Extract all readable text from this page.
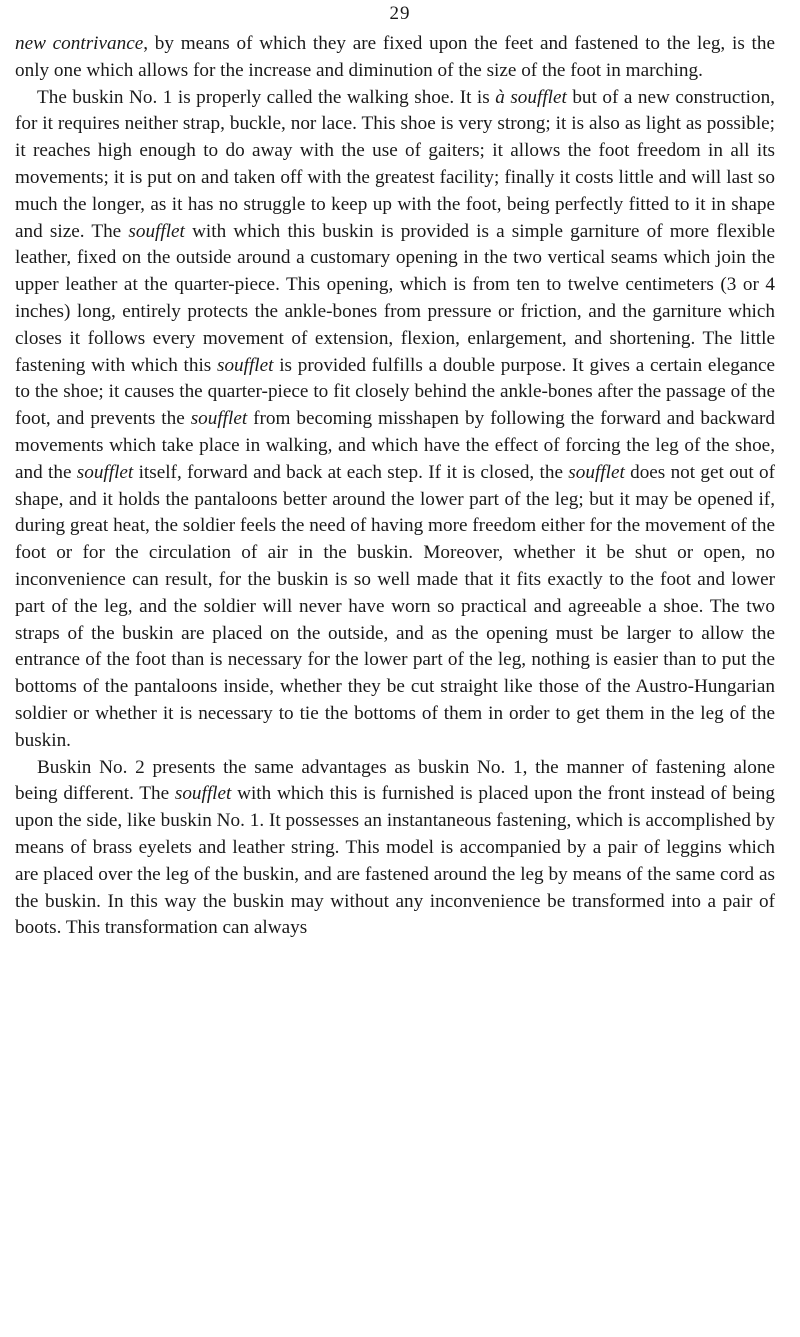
29

new contrivance, by means of which they are fixed upon the feet and fastened to the leg, is the only one which allows for the increase and diminution of the size of the foot in marching.

The buskin No. 1 is properly called the walking shoe. It is à soufflet but of a new construction, for it requires neither strap, buckle, nor lace. This shoe is very strong; it is also as light as possible; it reaches high enough to do away with the use of gaiters; it allows the foot freedom in all its movements; it is put on and taken off with the greatest facility; finally it costs little and will last so much the longer, as it has no struggle to keep up with the foot, being perfectly fitted to it in shape and size. The soufflet with which this buskin is provided is a simple garniture of more flexible leather, fixed on the outside around a customary opening in the two vertical seams which join the upper leather at the quarter-piece. This opening, which is from ten to twelve centimeters (3 or 4 inches) long, entirely protects the ankle-bones from pressure or friction, and the garniture which closes it follows every movement of extension, flexion, enlargement, and shortening. The little fastening with which this soufflet is provided fulfills a double purpose. It gives a certain elegance to the shoe; it causes the quarter-piece to fit closely behind the ankle-bones after the passage of the foot, and prevents the soufflet from becoming misshapen by following the forward and backward movements which take place in walking, and which have the effect of forcing the leg of the shoe, and the soufflet itself, forward and back at each step. If it is closed, the soufflet does not get out of shape, and it holds the pantaloons better around the lower part of the leg; but it may be opened if, during great heat, the soldier feels the need of having more freedom either for the movement of the foot or for the circulation of air in the buskin. Moreover, whether it be shut or open, no inconvenience can result, for the buskin is so well made that it fits exactly to the foot and lower part of the leg, and the soldier will never have worn so practical and agreeable a shoe. The two straps of the buskin are placed on the outside, and as the opening must be larger to allow the entrance of the foot than is necessary for the lower part of the leg, nothing is easier than to put the bottoms of the pantaloons inside, whether they be cut straight like those of the Austro-Hungarian soldier or whether it is necessary to tie the bottoms of them in order to get them in the leg of the buskin.

Buskin No. 2 presents the same advantages as buskin No. 1, the manner of fastening alone being different. The soufflet with which this is furnished is placed upon the front instead of being upon the side, like buskin No. 1. It possesses an instantaneous fastening, which is accomplished by means of brass eyelets and leather string. This model is accompanied by a pair of leggins which are placed over the leg of the buskin, and are fastened around the leg by means of the same cord as the buskin. In this way the buskin may without any inconvenience be transformed into a pair of boots. This transformation can always
